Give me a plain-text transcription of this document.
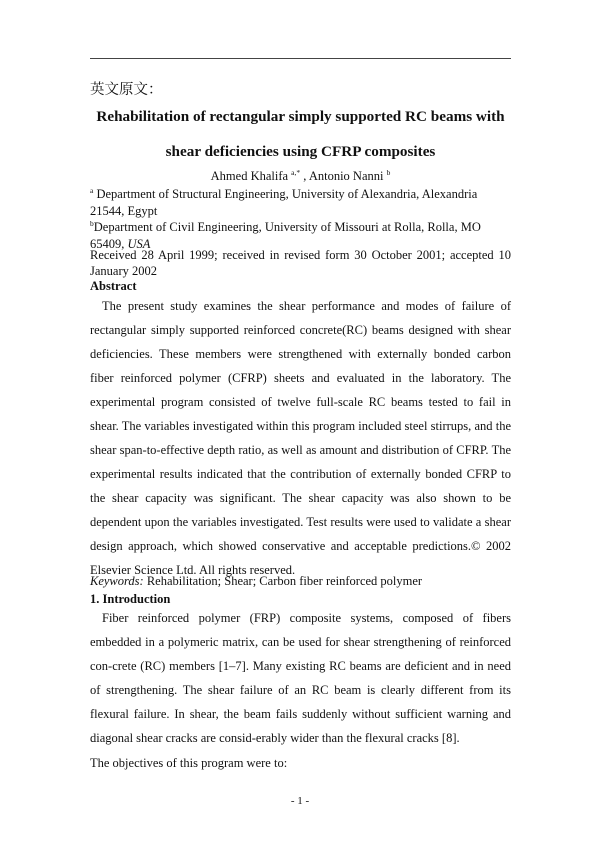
英文原文：
Rehabilitation of rectangular simply supported RC beams with
shear deficiencies using CFRP composites
Ahmed Khalifa $^{a,*}$ , Antonio Nanni $^b$
$^a$ Department of Structural Engineering, University of Alexandria, Alexandria 21544, Egypt
$^b$Department of Civil Engineering, University of Missouri at Rolla, Rolla, MO 65409, USA
Received 28 April 1999; received in revised form 30 October 2001; accepted 10 January 2002
Abstract
The present study examines the shear performance and modes of failure of rectangular simply supported reinforced concrete(RC) beams designed with shear deficiencies. These members were strengthened with externally bonded carbon fiber reinforced polymer (CFRP) sheets and evaluated in the laboratory. The experimental program consisted of twelve full-scale RC beams tested to fail in shear. The variables investigated within this program included steel stirrups, and the shear span-to-effective depth ratio, as well as amount and distribution of CFRP. The experimental results indicated that the contribution of externally bonded CFRP to the shear capacity was significant. The shear capacity was also shown to be dependent upon the variables investigated. Test results were used to validate a shear design approach, which showed conservative and acceptable predictions.© 2002 Elsevier Science Ltd. All rights reserved.
Keywords: Rehabilitation; Shear; Carbon fiber reinforced polymer
1. Introduction
Fiber reinforced polymer (FRP) composite systems, composed of fibers embedded in a polymeric matrix, can be used for shear strengthening of reinforced con-crete (RC) members [1–7]. Many existing RC beams are deficient and in need of strengthening. The shear failure of an RC beam is clearly different from its flexural failure. In shear, the beam fails suddenly without sufficient warning and diagonal shear cracks are consid-erably wider than the flexural cracks [8].
The objectives of this program were to:
- 1 -
